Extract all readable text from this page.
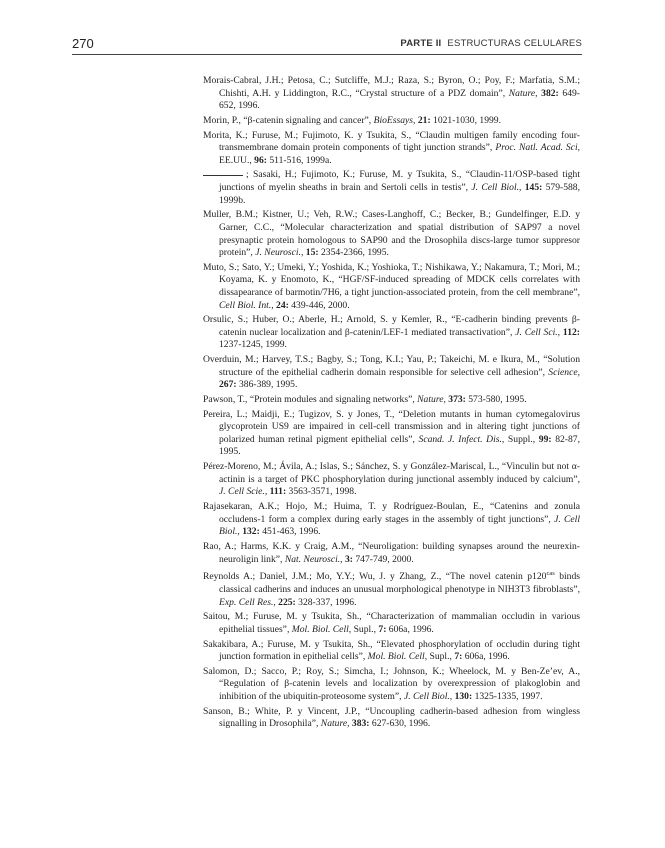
270	PARTE II ESTRUCTURAS CELULARES

Morais-Cabral, J.H.; Petosa, C.; Sutcliffe, M.J.; Raza, S.; Byron, O.; Poy, F.; Marfatia, S.M.; Chishti, A.H. y Liddington, R.C., “Crystal structure of a PDZ domain”, Nature, 382: 649-652, 1996.

Morin, P., “β-catenin signaling and cancer”, BioEssays, 21: 1021-1030, 1999.

Morita, K.; Furuse, M.; Fujimoto, K. y Tsukita, S., “Claudin multigen family encoding four-transmembrane domain protein components of tight junction strands”, Proc. Natl. Acad. Sci, EE.UU., 96: 511-516, 1999a.

; Sasaki, H.; Fujimoto, K.; Furuse, M. y Tsukita, S., “Claudin-11/OSP-based tight junctions of myelin sheaths in brain and Sertoli cells in testis”, J. Cell Biol., 145: 579-588, 1999b.

Muller, B.M.; Kistner, U.; Veh, R.W.; Cases-Langhoff, C.; Becker, B.; Gundelfinger, E.D. y Garner, C.C., “Molecular characterization and spatial distribution of SAP97 a novel presynaptic protein homologous to SAP90 and the Drosophila discs-large tumor suppresor protein”, J. Neurosci., 15: 2354-2366, 1995.

Muto, S.; Sato, Y.; Umeki, Y.; Yoshida, K.; Yoshioka, T.; Nishikawa, Y.; Nakamura, T.; Mori, M.; Koyama, K. y Enomoto, K., “HGF/SF-induced spreading of MDCK cells correlates with dissapearance of barmotin/7H6, a tight junction-associated protein, from the cell membrane”, Cell Biol. Int., 24: 439-446, 2000.

Orsulic, S.; Huber, O.; Aberle, H.; Arnold, S. y Kemler, R., “E-cadherin binding prevents β-catenin nuclear localization and β-catenin/LEF-1 mediated transactivation”, J. Cell Sci., 112: 1237-1245, 1999.

Overduin, M.; Harvey, T.S.; Bagby, S.; Tong, K.I.; Yau, P.; Takeichi, M. e Ikura, M., “Solution structure of the epithelial cadherin domain responsible for selective cell adhesion”, Science, 267: 386-389, 1995.

Pawson, T., “Protein modules and signaling networks”, Nature, 373: 573-580, 1995.

Pereira, L.; Maidji, E.; Tugizov, S. y Jones, T., “Deletion mutants in human cytomegalovirus glycoprotein US9 are impaired in cell-cell transmission and in altering tight junctions of polarized human retinal pigment epithelial cells”, Scand. J. Infect. Dis., Suppl., 99: 82-87, 1995.

Pérez-Moreno, M.; Ávila, A.; Islas, S.; Sánchez, S. y González-Mariscal, L., “Vinculin but not α-actinin is a target of PKC phosphorylation during junctional assembly induced by calcium”, J. Cell Scie., 111: 3563-3571, 1998.

Rajasekaran, A.K.; Hojo, M.; Huima, T. y Rodríguez-Boulan, E., “Catenins and zonula occludens-1 form a complex during early stages in the assembly of tight junctions”, J. Cell Biol., 132: 451-463, 1996.

Rao, A.; Harms, K.K. y Craig, A.M., “Neuroligation: building synapses around the neurexin-neuroligin link”, Nat. Neurosci., 3: 747-749, 2000.

Reynolds A.; Daniel, J.M.; Mo, Y.Y.; Wu, J. y Zhang, Z., “The novel catenin $p120^{cas}$ binds classical cadherins and induces an unusual morphological phenotype in NIH3T3 fibroblasts”, Exp. Cell Res., 225: 328-337, 1996.

Saitou, M.; Furuse, M. y Tsukita, Sh., “Characterization of mammalian occludin in various epithelial tissues”, Mol. Biol. Cell, Supl., 7: 606a, 1996.

Sakakibara, A.; Furuse, M. y Tsukita, Sh., “Elevated phosphorylation of occludin during tight junction formation in epithelial cells”, Mol. Biol. Cell, Supl., 7: 606a, 1996.

Salomon, D.; Sacco, P.; Roy, S.; Simcha, I.; Johnson, K.; Wheelock, M. y Ben-Ze’ev, A., “Regulation of β-catenin levels and localization by overexpression of plakoglobin and inhibition of the ubiquitin-proteosome system”, J. Cell Biol., 130: 1325-1335, 1997.

Sanson, B.; White, P. y Vincent, J.P., “Uncoupling cadherin-based adhesion from wingless signalling in Drosophila”, Nature, 383: 627-630, 1996.
